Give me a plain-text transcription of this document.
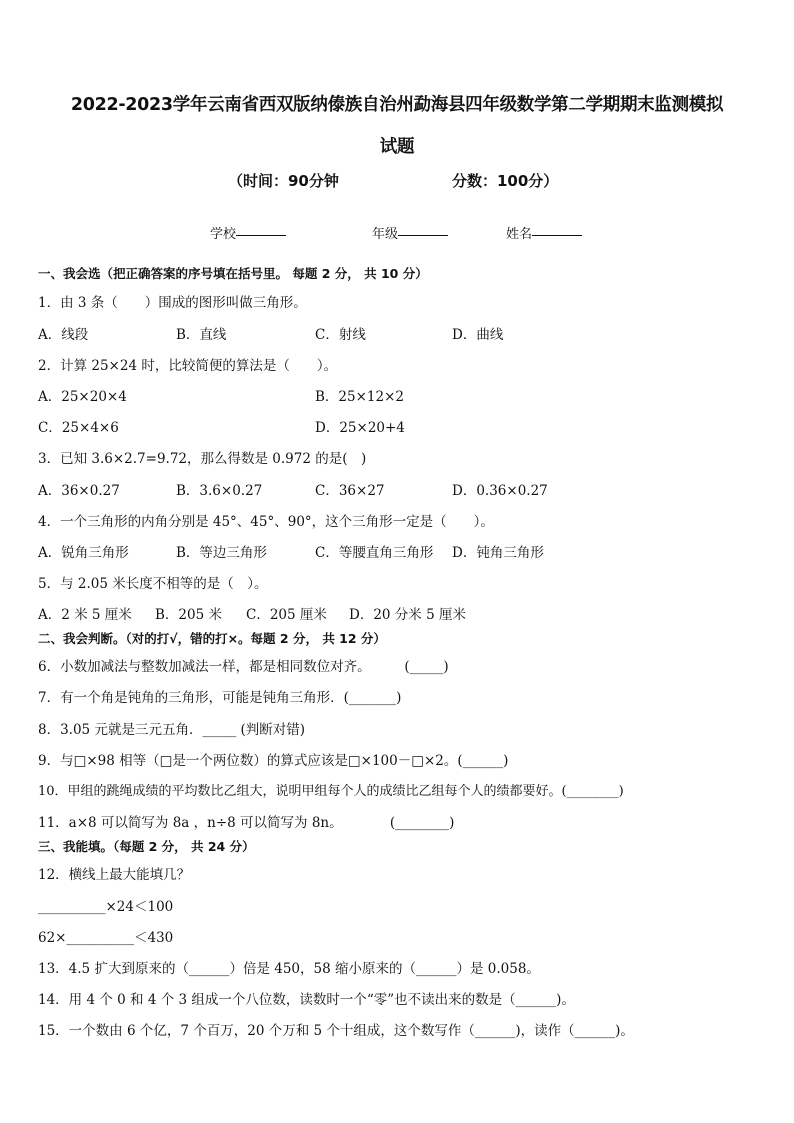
2022-2023学年云南省西双版纳傣族自治州勐海县四年级数学第二学期期末监测模拟
试题
（时间：90分钟	分数：100分）
学校	年级	姓名
一、我会选（把正确答案的序号填在括号里。 每题 2 分， 共 10 分）
1．由 3 条（　　）围成的图形叫做三角形。
A．线段	B．直线	C．射线	D．曲线
2．计算 25×24 时，比较简便的算法是（　　）。
A．25×20×4	B．25×12×2
C．25×4×6	D．25×20+4
3．已知 3.6×2.7=9.72，那么得数是 0.972 的是(　)
A．36×0.27	B．3.6×0.27	C．36×27	D．0.36×0.27
4．一个三角形的内角分别是 45°、45°、90°，这个三角形一定是（　　）。
A．锐角三角形	B．等边三角形	C．等腰直角三角形 D．钝角三角形
5．与 2.05 米长度不相等的是（　）。
A．2 米 5 厘米 B．205 米 C．205 厘米 D．20 分米 5 厘米
二、我会判断。（对的打√，错的打×。每题 2 分， 共 12 分）
6．小数加减法与整数加减法一样，都是相同数位对齐。　　　(_____)
7．有一个角是钝角的三角形，可能是钝角三角形．(_______)
8．3.05 元就是三元五角．_____ (判断对错)
9．与□×98 相等（□是一个两位数）的算式应该是□×100－□×2。(______)
10．甲组的跳绳成绩的平均数比乙组大，说明甲组每个人的成绩比乙组每个人的绩都要好。(________)
11．a×8 可以简写为 8a ，n÷8 可以简写为 8n。　　　　(________)
三、我能填。（每题 2 分， 共 24 分）
12．横线上最大能填几？
__________×24＜100
62×__________＜430
13．4.5 扩大到原来的（______）倍是 450，58 缩小原来的（______）是 0.058。
14．用 4 个 0 和 4 个 3 组成一个八位数，读数时一个“零”也不读出来的数是（______)。
15．一个数由 6 个亿，7 个百万，20 个万和 5 个十组成，这个数写作（______)，读作（______)。
